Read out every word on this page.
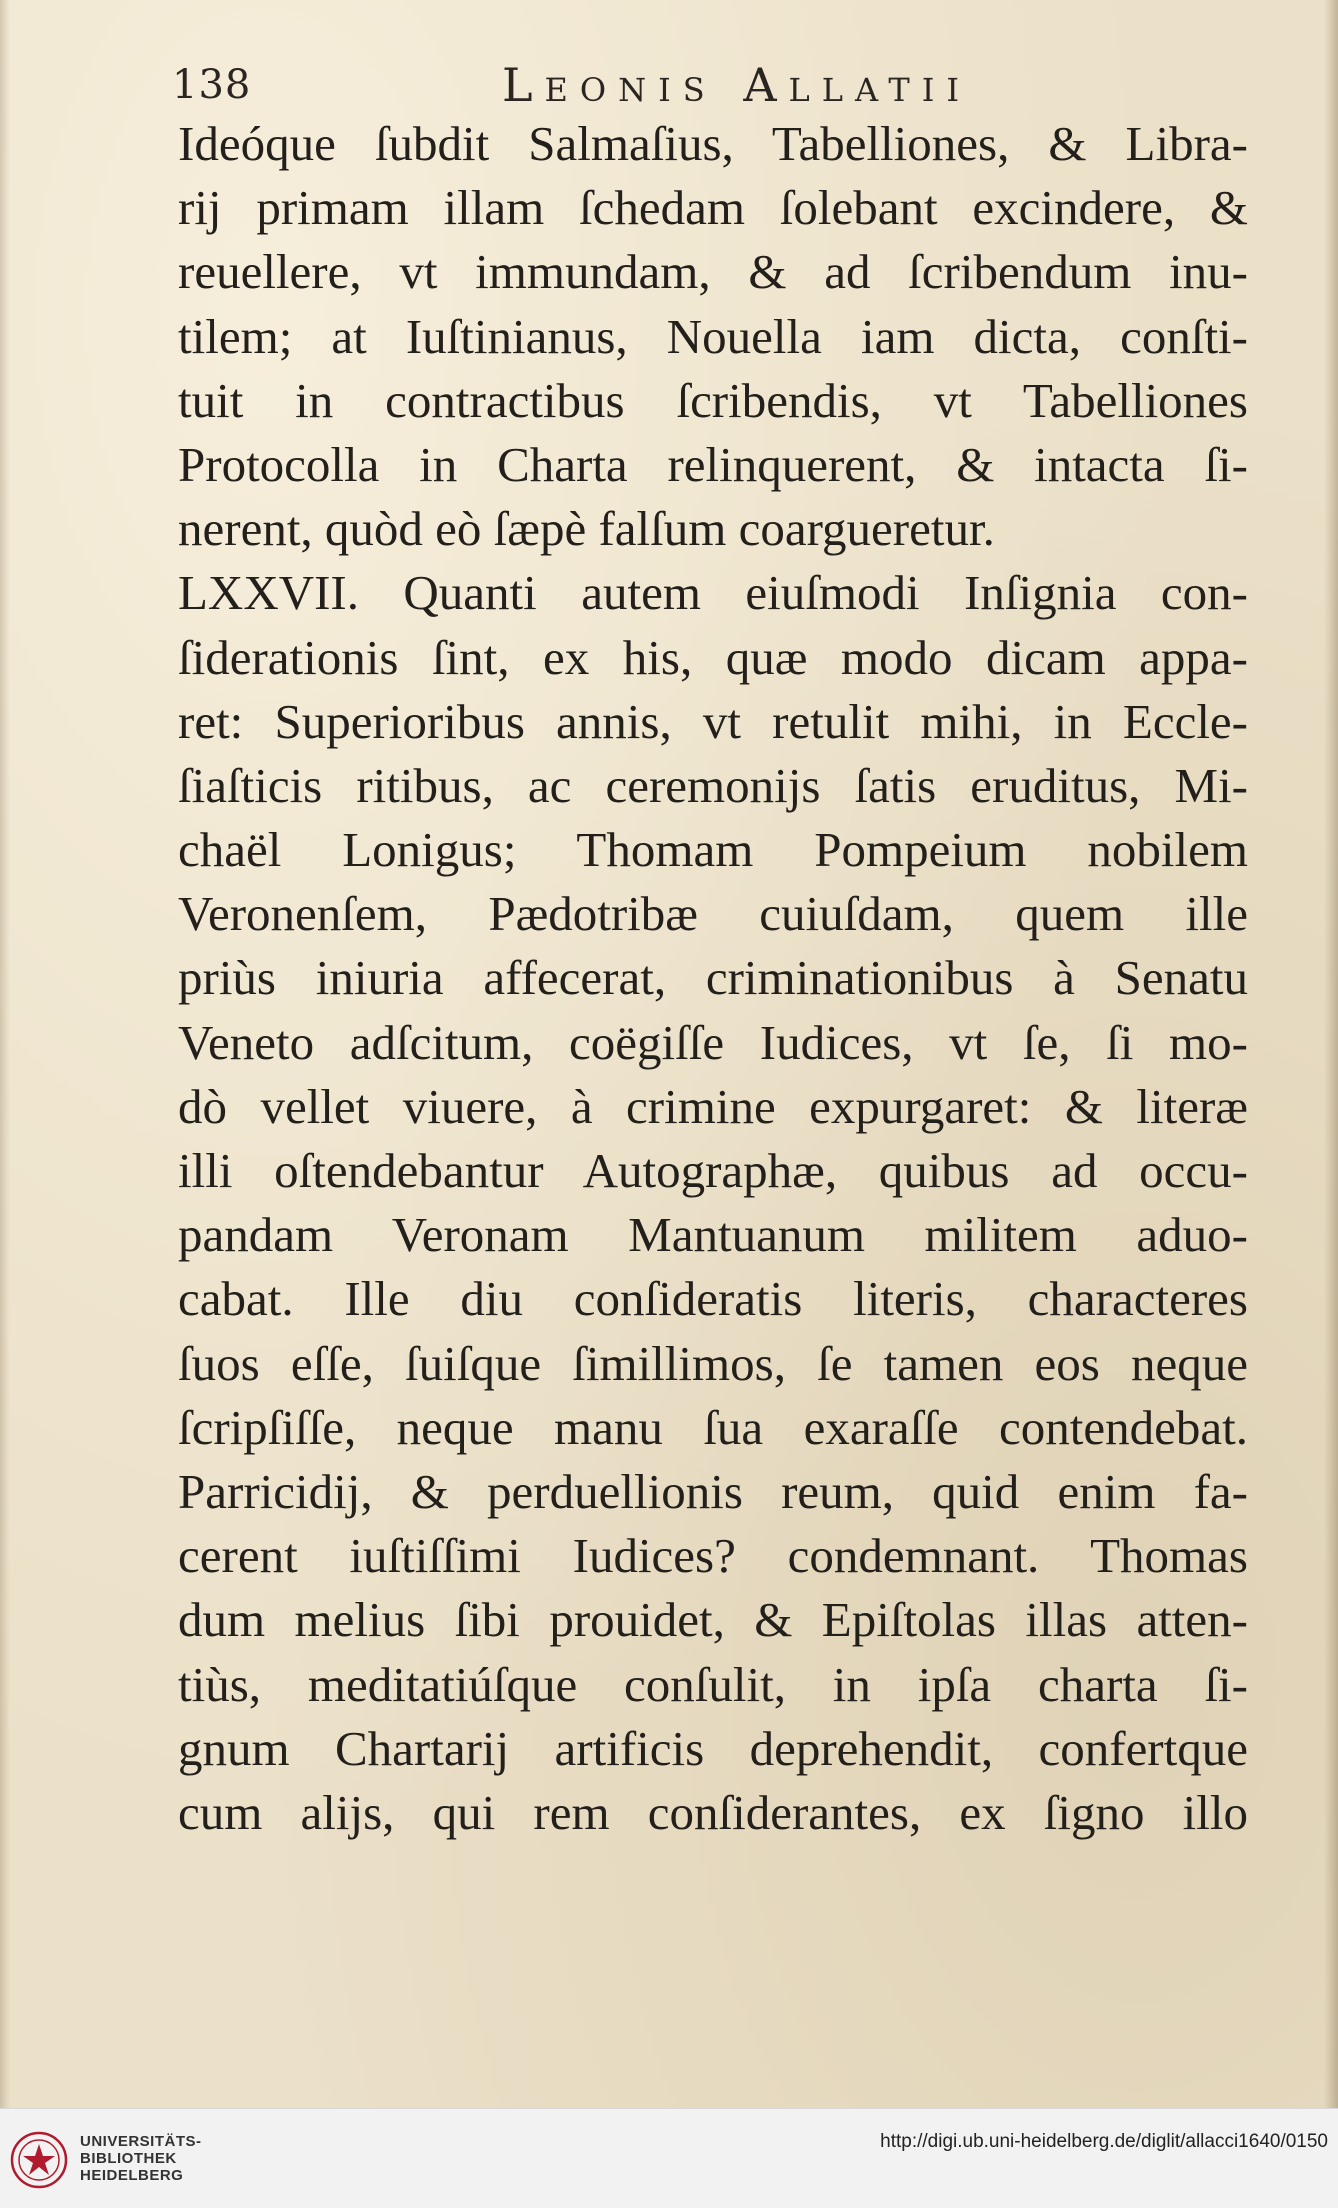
138	Leonis Allatii
Ideóque ſubdit Salmaſius, Tabelliones, & Libra-
rij primam illam ſchedam ſolebant excindere, &
reuellere, vt immundam, & ad ſcribendum inu-
tilem; at Iuſtinianus, Nouella iam dicta, conſti-
tuit in contractibus ſcribendis, vt Tabelliones
Protocolla in Charta relinquerent, & intacta ſi-
nerent, quòd eò ſæpè falſum coargueretur.
LXXVII. Quanti autem eiuſmodi Inſignia con-
ſiderationis ſint, ex his, quæ modo dicam appa-
ret: Superioribus annis, vt retulit mihi, in Eccle-
ſiaſticis ritibus, ac ceremonijs ſatis eruditus, Mi-
chaël Lonigus; Thomam Pompeium nobilem
Veronenſem, Pædotribæ cuiuſdam, quem ille
priùs iniuria affecerat, criminationibus à Senatu
Veneto adſcitum, coëgiſſe Iudices, vt ſe, ſi mo-
dò vellet viuere, à crimine expurgaret: & literæ
illi oſtendebantur Autographæ, quibus ad occu-
pandam Veronam Mantuanum militem aduo-
cabat. Ille diu conſideratis literis, characteres
ſuos eſſe, ſuiſque ſimillimos, ſe tamen eos neque
ſcripſiſſe, neque manu ſua exaraſſe contendebat.
Parricidij, & perduellionis reum, quid enim fa-
cerent iuſtiſſimi Iudices? condemnant. Thomas
dum melius ſibi prouidet, & Epiſtolas illas atten-
tiùs, meditatiúſque conſulit, in ipſa charta ſi-
gnum Chartarij artificis deprehendit, confertque
cum alijs, qui rem conſiderantes, ex ſigno illo
UNIVERSITÄTS-
BIBLIOTHEK
HEIDELBERG
http://digi.ub.uni-heidelberg.de/diglit/allacci1640/0150
